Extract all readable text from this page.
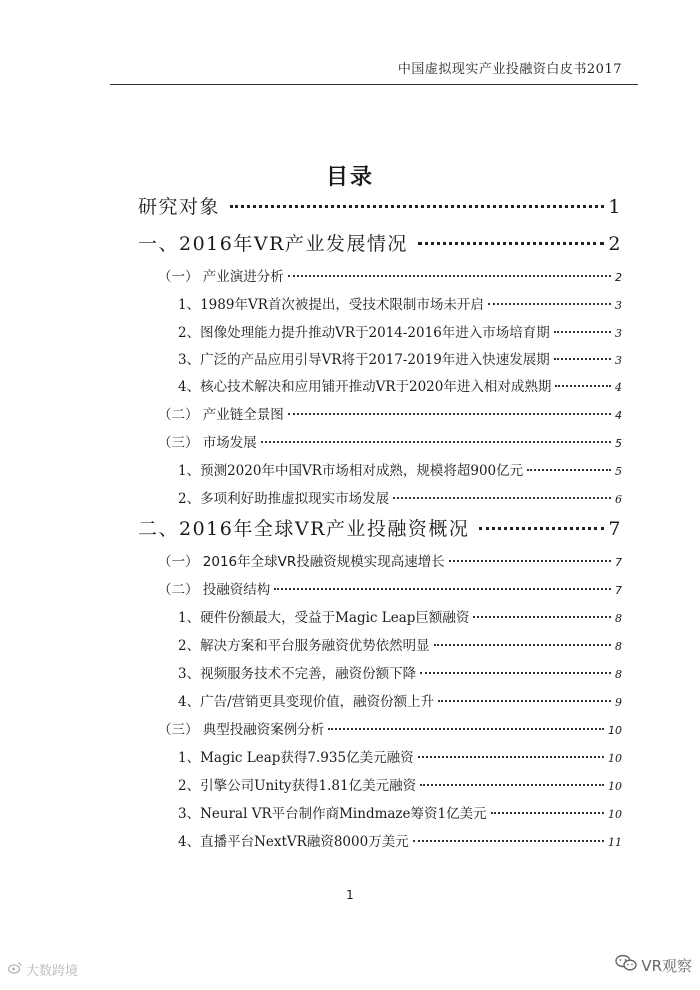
中国虚拟现实产业投融资白皮书2017
目录
研究对象	1
一、2016年VR产业发展情况	2
（一） 产业演进分析	2
1、1989年VR首次被提出，受技术限制市场未开启	3
2、图像处理能力提升推动VR于2014-2016年进入市场培育期	3
3、广泛的产品应用引导VR将于2017-2019年进入快速发展期	3
4、核心技术解决和应用铺开推动VR于2020年进入相对成熟期	4
（二） 产业链全景图	4
（三） 市场发展	5
1、预测2020年中国VR市场相对成熟，规模将超900亿元	5
2、多项利好助推虚拟现实市场发展	6
二、2016年全球VR产业投融资概况	7
（一） 2016年全球VR投融资规模实现高速增长	7
（二） 投融资结构	7
1、硬件份额最大，受益于Magic Leap巨额融资	8
2、解决方案和平台服务融资优势依然明显	8
3、视频服务技术不完善，融资份额下降	8
4、广告/营销更具变现价值，融资份额上升	9
（三） 典型投融资案例分析	10
1、Magic Leap获得7.935亿美元融资	10
2、引擎公司Unity获得1.81亿美元融资	10
3、Neural VR平台制作商Mindmaze筹资1亿美元	10
4、直播平台NextVR融资8000万美元	11
1
大数跨境	VR观察
